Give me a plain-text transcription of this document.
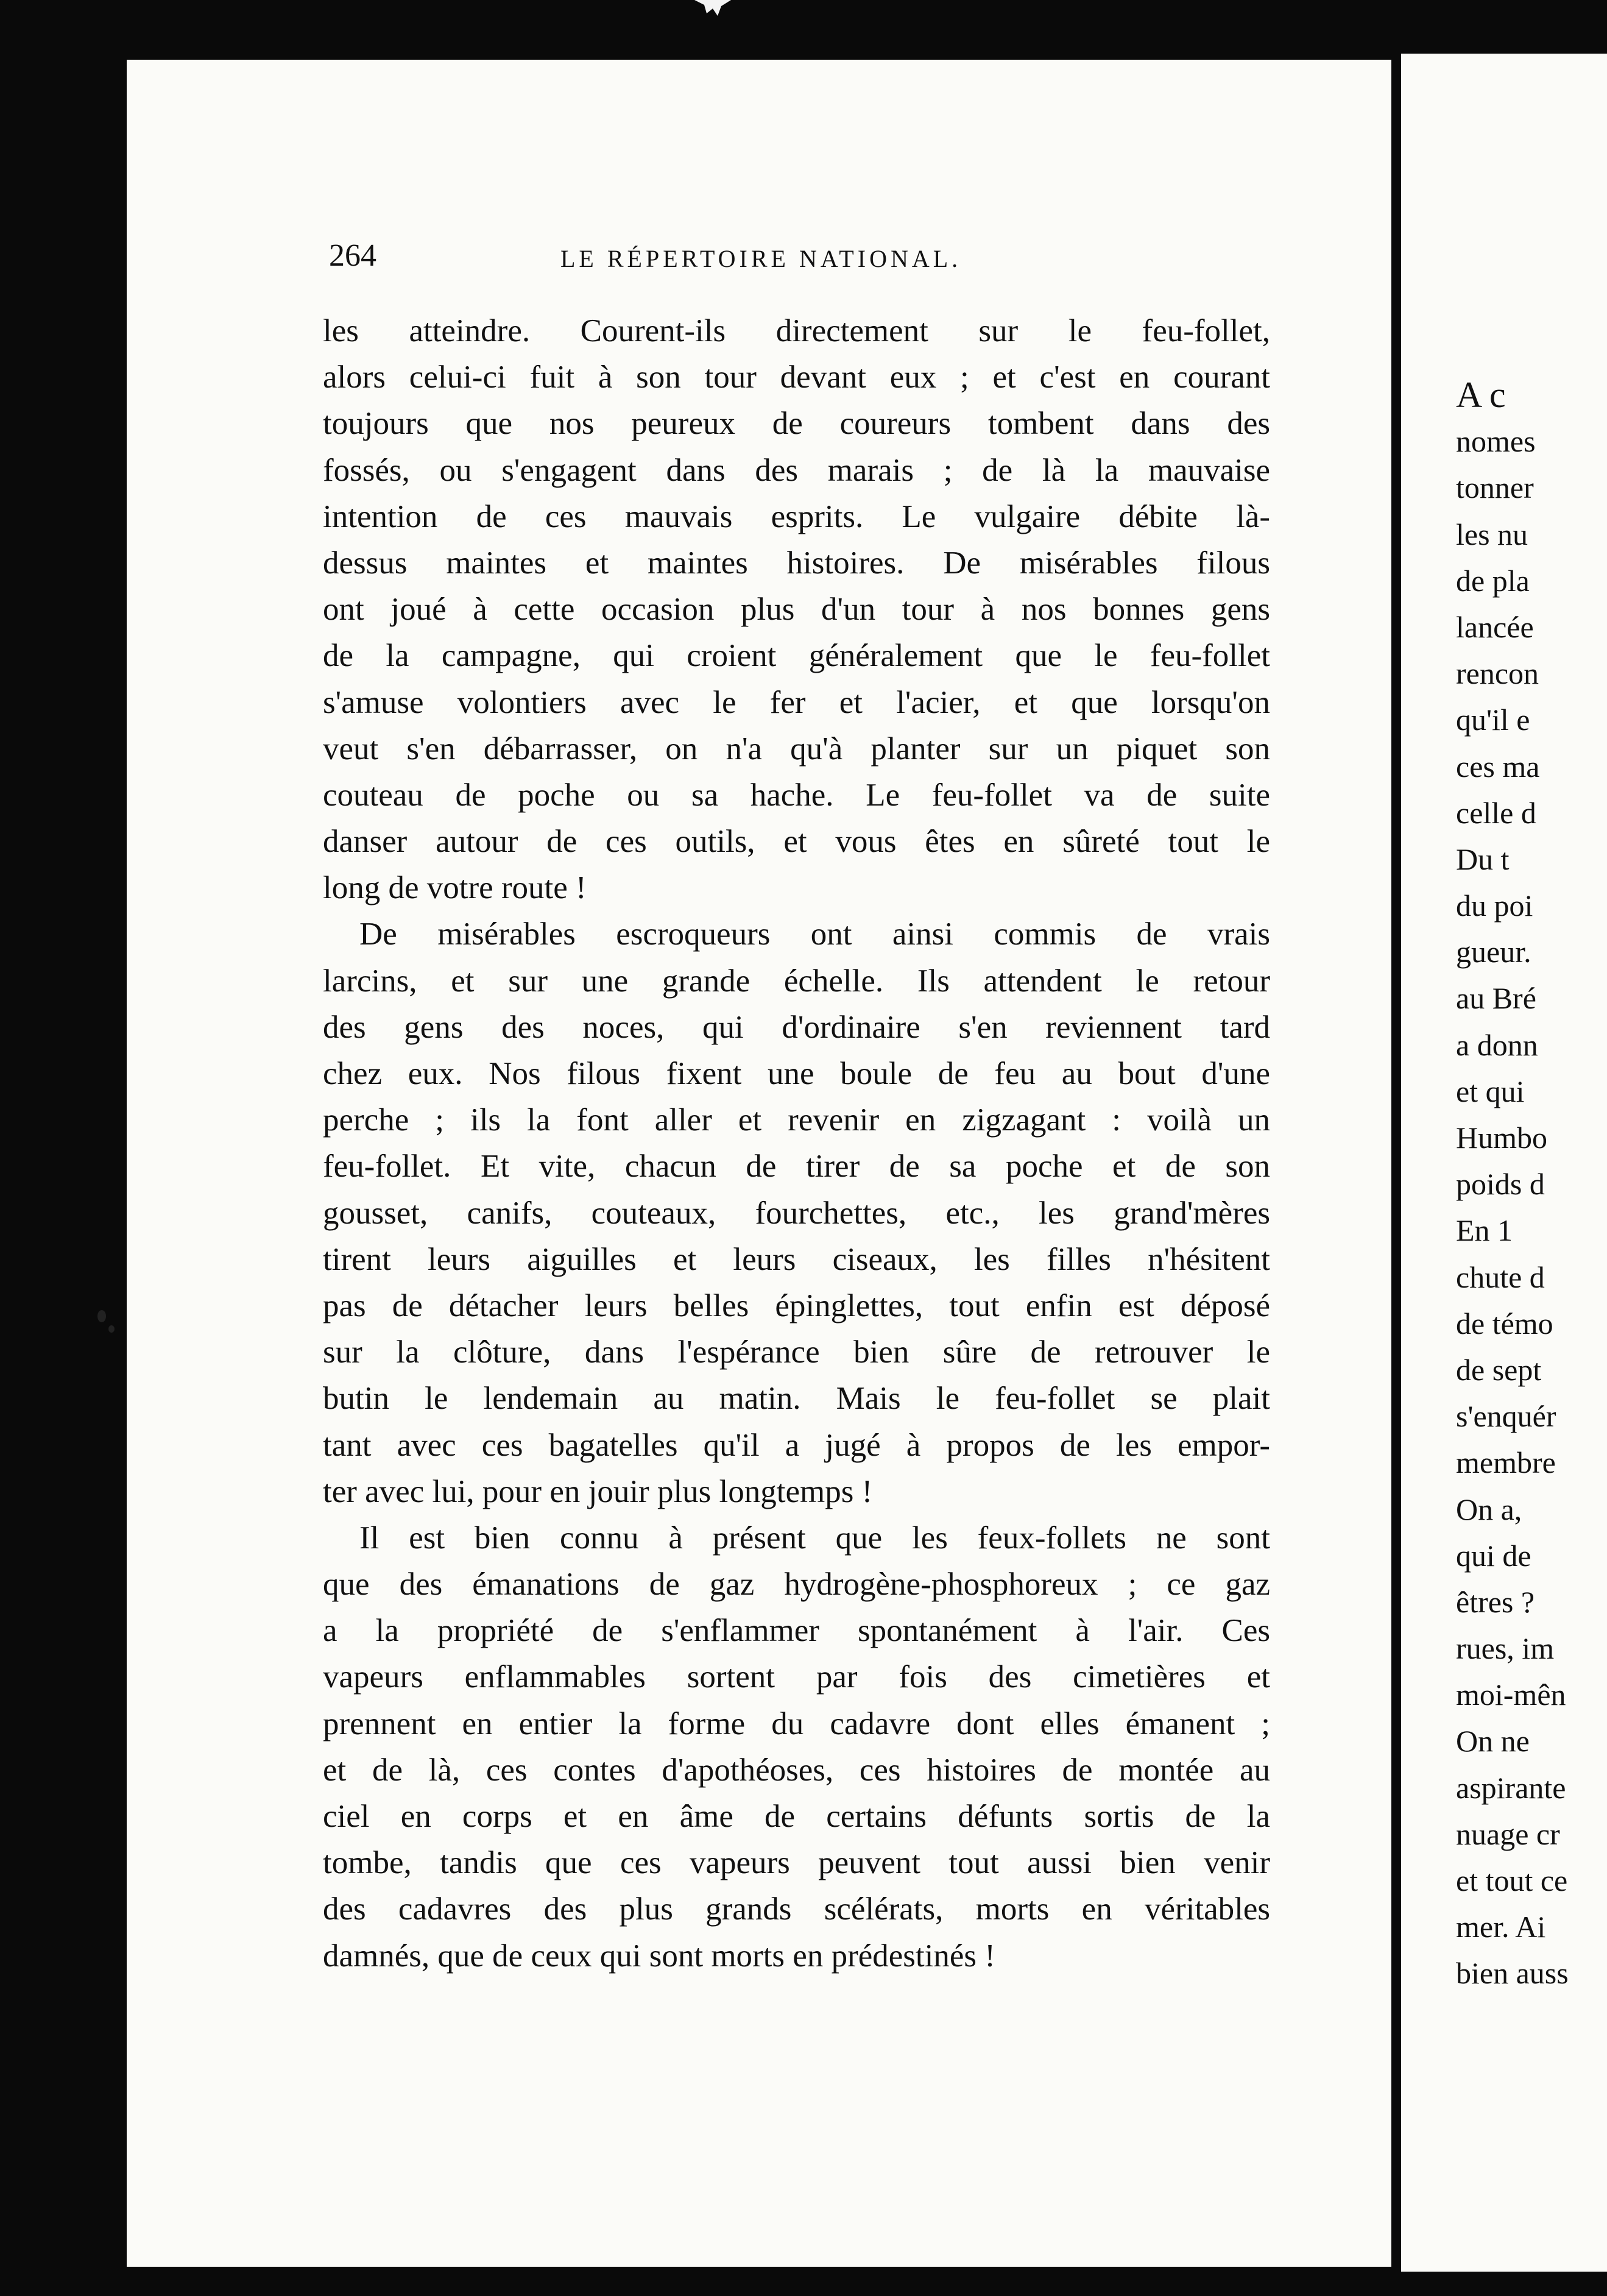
264	LE RÉPERTOIRE NATIONAL.
les atteindre. Courent-ils directement sur le feu-follet,
alors celui-ci fuit à son tour devant eux ; et c'est en courant
toujours que nos peureux de coureurs tombent dans des
fossés, ou s'engagent dans des marais ; de là la mauvaise
intention de ces mauvais esprits. Le vulgaire débite là-
dessus maintes et maintes histoires. De misérables filous
ont joué à cette occasion plus d'un tour à nos bonnes gens
de la campagne, qui croient généralement que le feu-follet
s'amuse volontiers avec le fer et l'acier, et que lorsqu'on
veut s'en débarrasser, on n'a qu'à planter sur un piquet son
couteau de poche ou sa hache. Le feu-follet va de suite
danser autour de ces outils, et vous êtes en sûreté tout le
long de votre route !
De misérables escroqueurs ont ainsi commis de vrais
larcins, et sur une grande échelle. Ils attendent le retour
des gens des noces, qui d'ordinaire s'en reviennent tard
chez eux. Nos filous fixent une boule de feu au bout d'une
perche ; ils la font aller et revenir en zigzagant : voilà un
feu-follet. Et vite, chacun de tirer de sa poche et de son
gousset, canifs, couteaux, fourchettes, etc., les grand'mères
tirent leurs aiguilles et leurs ciseaux, les filles n'hésitent
pas de détacher leurs belles épinglettes, tout enfin est déposé
sur la clôture, dans l'espérance bien sûre de retrouver le
butin le lendemain au matin. Mais le feu-follet se plait
tant avec ces bagatelles qu'il a jugé à propos de les empor-
ter avec lui, pour en jouir plus longtemps !
Il est bien connu à présent que les feux-follets ne sont
que des émanations de gaz hydrogène-phosphoreux ; ce gaz
a la propriété de s'enflammer spontanément à l'air. Ces
vapeurs enflammables sortent par fois des cimetières et
prennent en entier la forme du cadavre dont elles émanent ;
et de là, ces contes d'apothéoses, ces histoires de montée au
ciel en corps et en âme de certains défunts sortis de la
tombe, tandis que ces vapeurs peuvent tout aussi bien venir
des cadavres des plus grands scélérats, morts en véritables
damnés, que de ceux qui sont morts en prédestinés !
A c
nomes
tonner
les nu
de pla
lancée
rencon
qu'il e
ces ma
celle d
Du t
du poi
gueur.
au Bré
a donn
et qui
Humbo
poids d
En 1
chute d
de témo
de sept
s'enquér
membre
On a,
qui de
êtres ?
rues, im
moi-mên
On ne
aspirante
nuage cr
et tout ce
mer. Ai
bien auss
